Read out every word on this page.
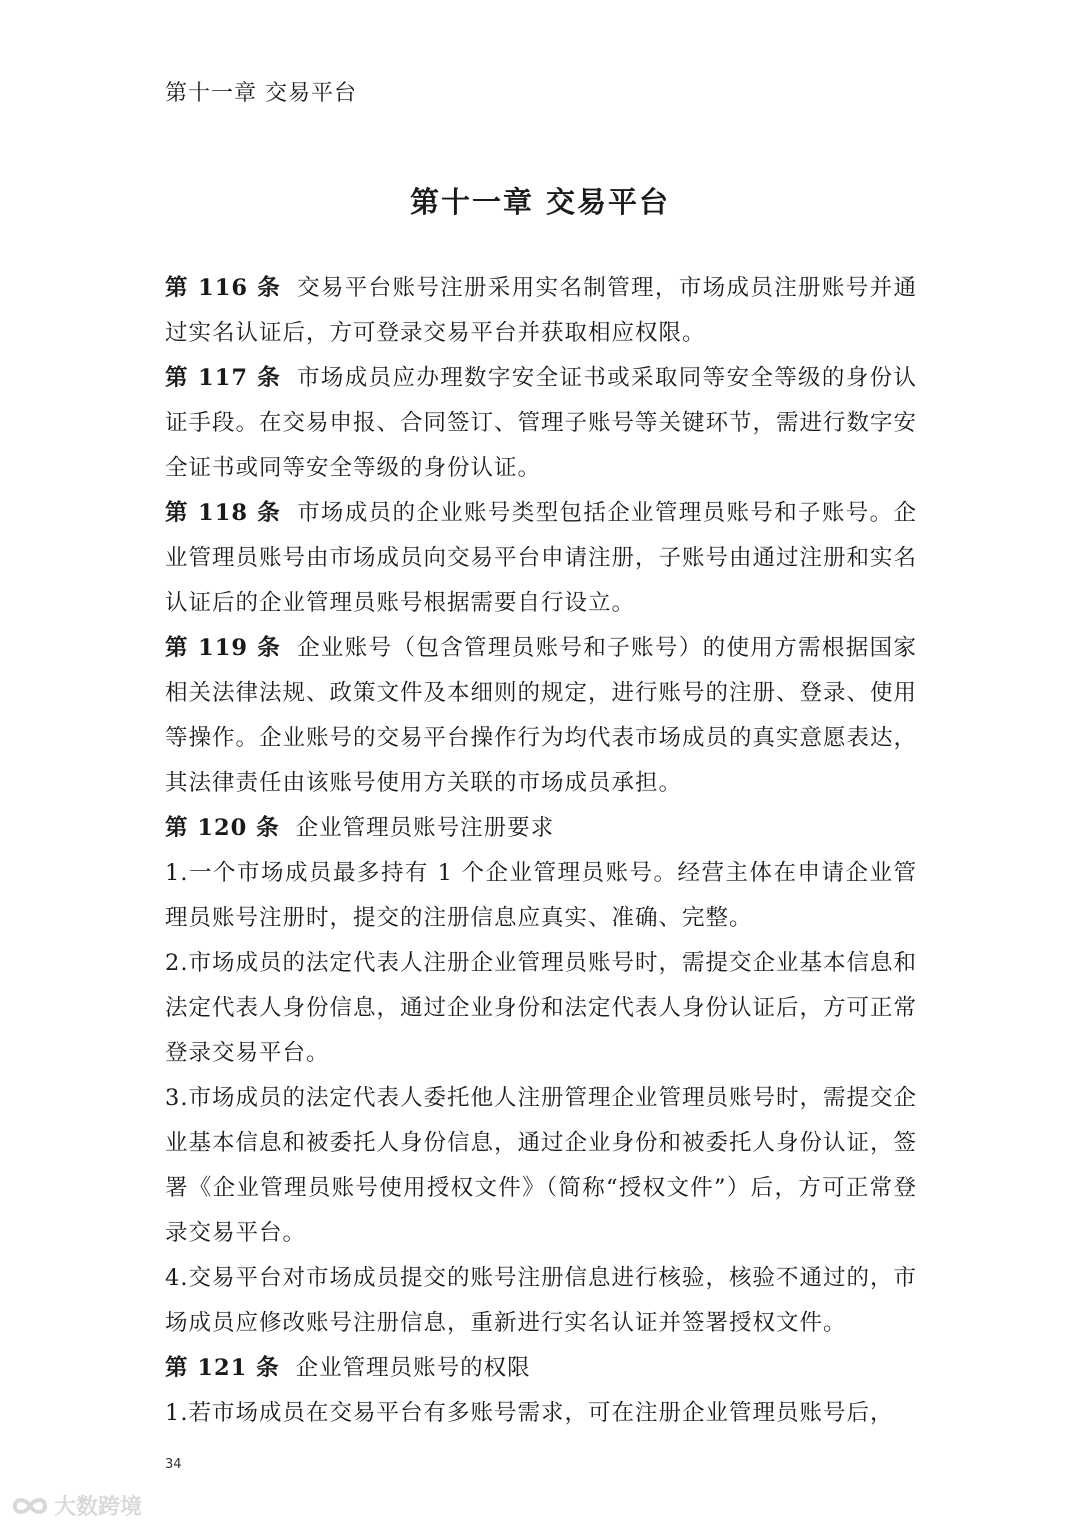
第十一章 交易平台
第十一章 交易平台

第 116 条 交易平台账号注册采用实名制管理，市场成员注册账号并通过实名认证后，方可登录交易平台并获取相应权限。

第 117 条 市场成员应办理数字安全证书或采取同等安全等级的身份认证手段。在交易申报、合同签订、管理子账号等关键环节，需进行数字安全证书或同等安全等级的身份认证。

第 118 条 市场成员的企业账号类型包括企业管理员账号和子账号。企业管理员账号由市场成员向交易平台申请注册，子账号由通过注册和实名认证后的企业管理员账号根据需要自行设立。

第 119 条 企业账号（包含管理员账号和子账号）的使用方需根据国家相关法律法规、政策文件及本细则的规定，进行账号的注册、登录、使用等操作。企业账号的交易平台操作行为均代表市场成员的真实意愿表达，其法律责任由该账号使用方关联的市场成员承担。

第 120 条 企业管理员账号注册要求

1.一个市场成员最多持有 1 个企业管理员账号。经营主体在申请企业管理员账号注册时，提交的注册信息应真实、准确、完整。

2.市场成员的法定代表人注册企业管理员账号时，需提交企业基本信息和法定代表人身份信息，通过企业身份和法定代表人身份认证后，方可正常登录交易平台。

3.市场成员的法定代表人委托他人注册管理企业管理员账号时，需提交企业基本信息和被委托人身份信息，通过企业身份和被委托人身份认证，签署《企业管理员账号使用授权文件》（简称“授权文件”）后，方可正常登录交易平台。

4.交易平台对市场成员提交的账号注册信息进行核验，核验不通过的，市场成员应修改账号注册信息，重新进行实名认证并签署授权文件。

第 121 条 企业管理员账号的权限

1.若市场成员在交易平台有多账号需求，可在注册企业管理员账号后，

34
大数跨境
